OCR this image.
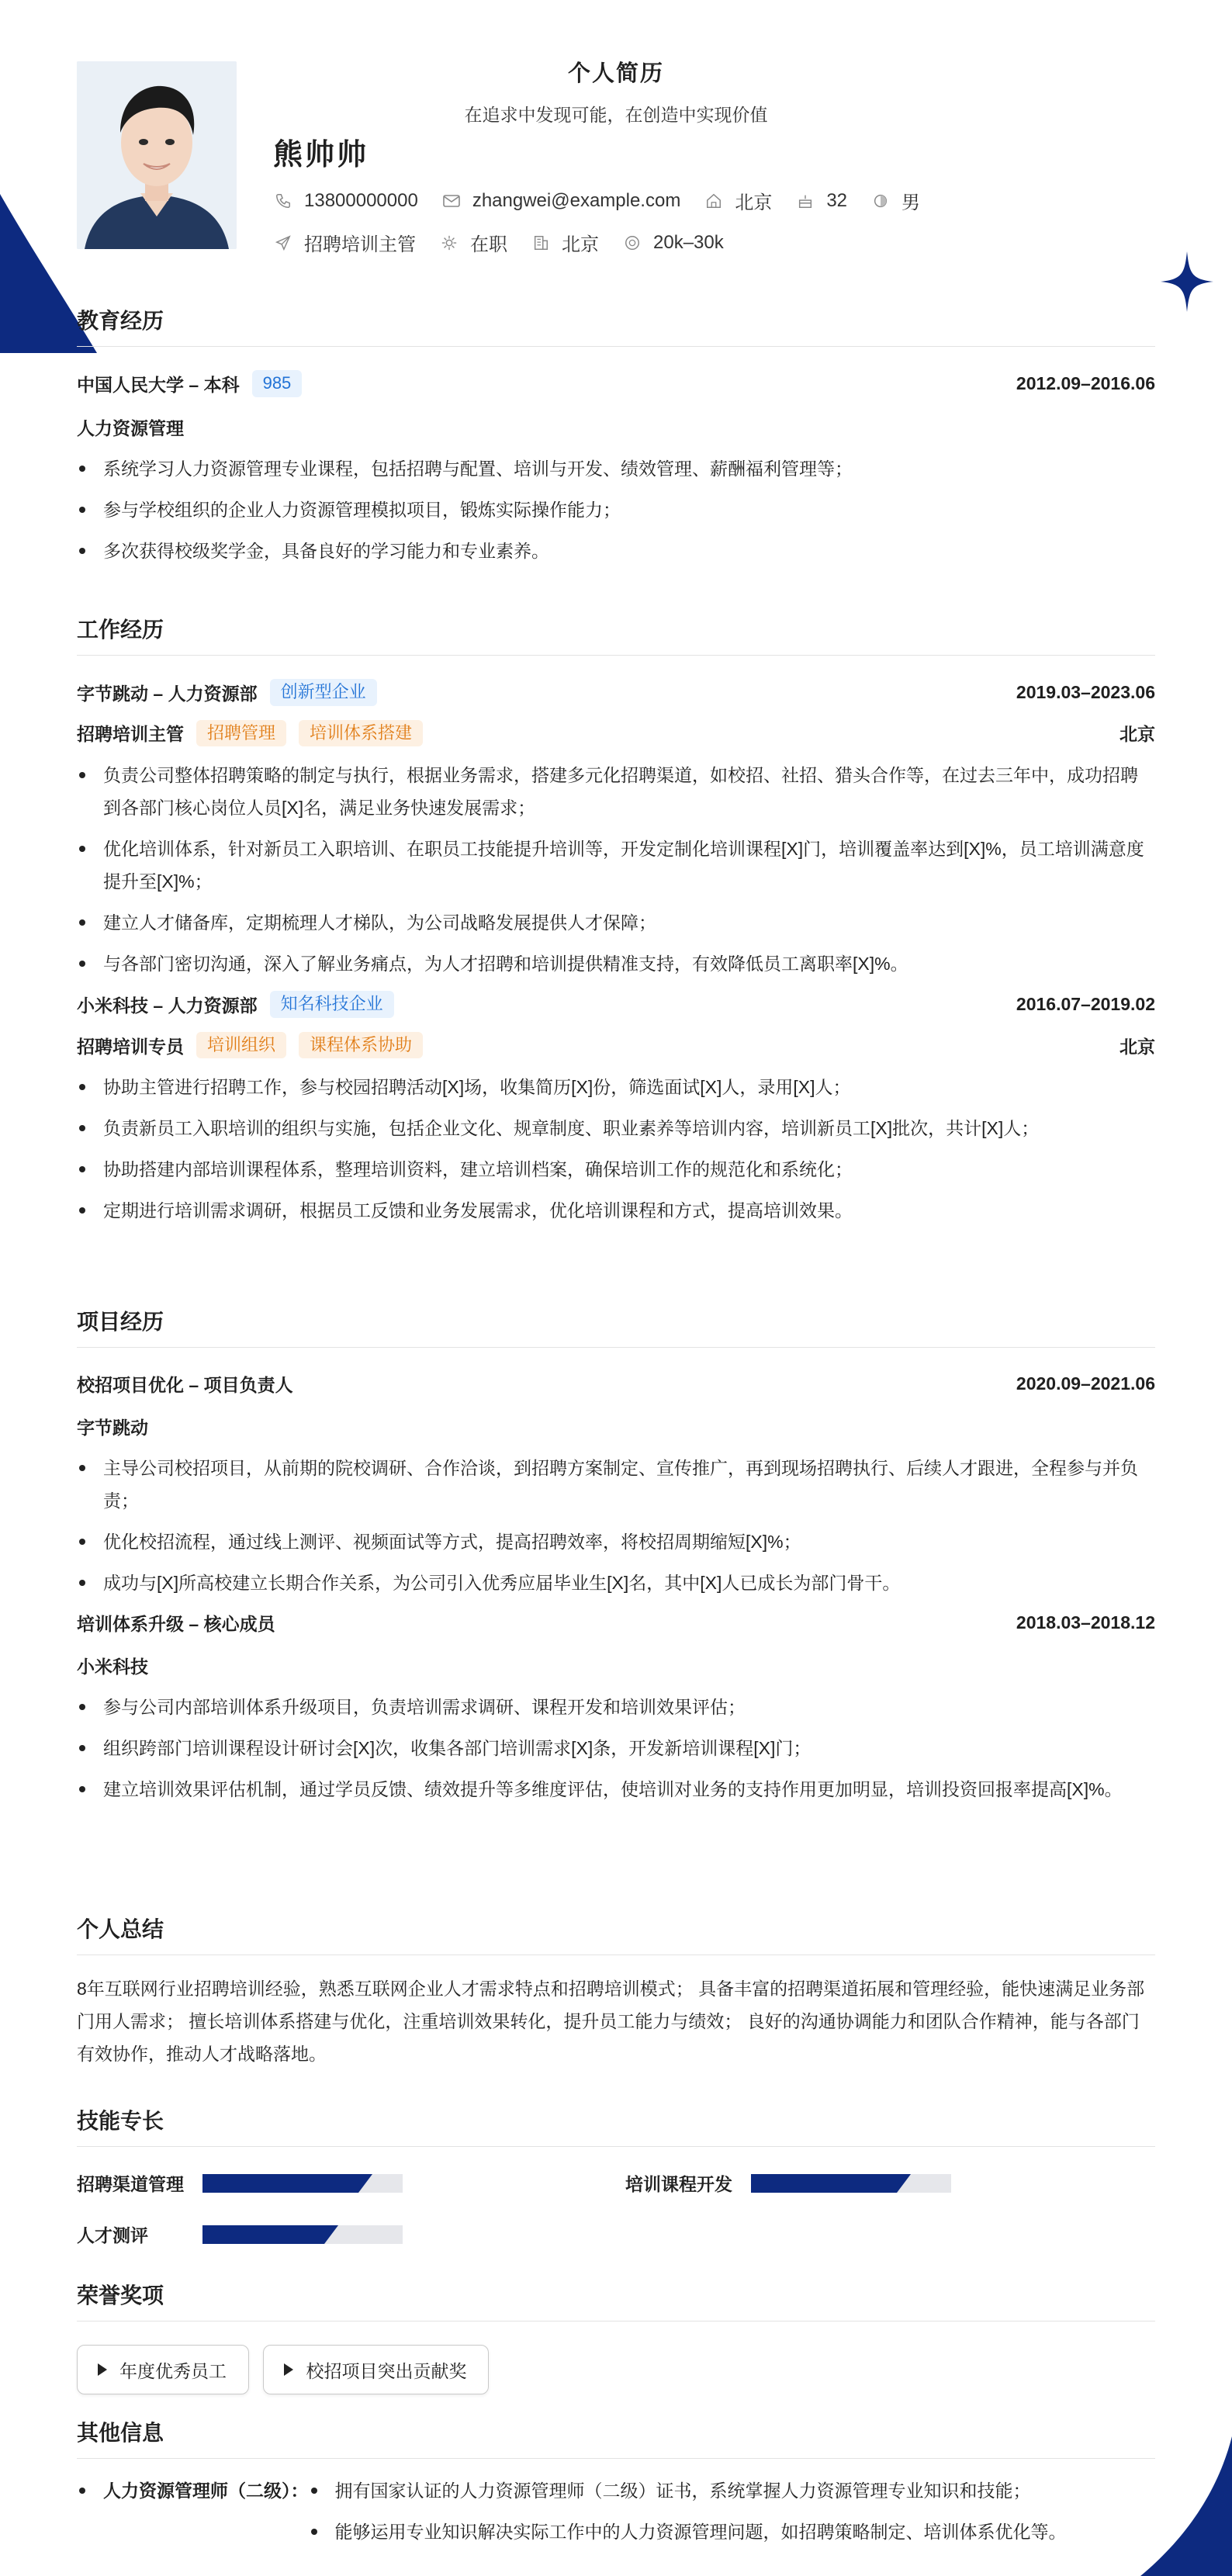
个人简历
在追求中发现可能，在创造中实现价值
熊帅帅
13800000000	zhangwei@example.com	北京	32	男
招聘培训主管	在职	北京	20k–30k
教育经历
中国人民大学 – 本科	985	2012.09–2016.06
人力资源管理
系统学习人力资源管理专业课程，包括招聘与配置、培训与开发、绩效管理、薪酬福利管理等；
参与学校组织的企业人力资源管理模拟项目，锻炼实际操作能力；
多次获得校级奖学金，具备良好的学习能力和专业素养。
工作经历
字节跳动 – 人力资源部	创新型企业	2019.03–2023.06
招聘培训主管	招聘管理	培训体系搭建	北京
负责公司整体招聘策略的制定与执行，根据业务需求，搭建多元化招聘渠道，如校招、社招、猎头合作等，在过去三年中，成功招聘到各部门核心岗位人员[X]名，满足业务快速发展需求；
优化培训体系，针对新员工入职培训、在职员工技能提升培训等，开发定制化培训课程[X]门，培训覆盖率达到[X]%，员工培训满意度提升至[X]%；
建立人才储备库，定期梳理人才梯队，为公司战略发展提供人才保障；
与各部门密切沟通，深入了解业务痛点，为人才招聘和培训提供精准支持，有效降低员工离职率[X]%。
小米科技 – 人力资源部	知名科技企业	2016.07–2019.02
招聘培训专员	培训组织	课程体系协助	北京
协助主管进行招聘工作，参与校园招聘活动[X]场，收集简历[X]份，筛选面试[X]人，录用[X]人；
负责新员工入职培训的组织与实施，包括企业文化、规章制度、职业素养等培训内容，培训新员工[X]批次，共计[X]人；
协助搭建内部培训课程体系，整理培训资料，建立培训档案，确保培训工作的规范化和系统化；
定期进行培训需求调研，根据员工反馈和业务发展需求，优化培训课程和方式，提高培训效果。
项目经历
校招项目优化 – 项目负责人	2020.09–2021.06
字节跳动
主导公司校招项目，从前期的院校调研、合作洽谈，到招聘方案制定、宣传推广，再到现场招聘执行、后续人才跟进，全程参与并负责；
优化校招流程，通过线上测评、视频面试等方式，提高招聘效率，将校招周期缩短[X]%；
成功与[X]所高校建立长期合作关系，为公司引入优秀应届毕业生[X]名，其中[X]人已成长为部门骨干。
培训体系升级 – 核心成员	2018.03–2018.12
小米科技
参与公司内部培训体系升级项目，负责培训需求调研、课程开发和培训效果评估；
组织跨部门培训课程设计研讨会[X]次，收集各部门培训需求[X]条，开发新培训课程[X]门；
建立培训效果评估机制，通过学员反馈、绩效提升等多维度评估，使培训对业务的支持作用更加明显，培训投资回报率提高[X]%。
个人总结

8年互联网行业招聘培训经验，熟悉互联网企业人才需求特点和招聘培训模式； 具备丰富的招聘渠道拓展和管理经验，能快速满足业务部门用人需求； 擅长培训体系搭建与优化，注重培训效果转化，提升员工能力与绩效； 良好的沟通协调能力和团队合作精神，能与各部门有效协作，推动人才战略落地。

技能专长
招聘渠道管理	培训课程开发
人才测评
荣誉奖项
年度优秀员工
	校招项目突出贡献奖
其他信息
人力资源管理师（二级）：	拥有国家认证的人力资源管理师（二级）证书，系统掌握人力资源管理专业知识和技能；
能够运用专业知识解决实际工作中的人力资源管理问题，如招聘策略制定、培训体系优化等。
